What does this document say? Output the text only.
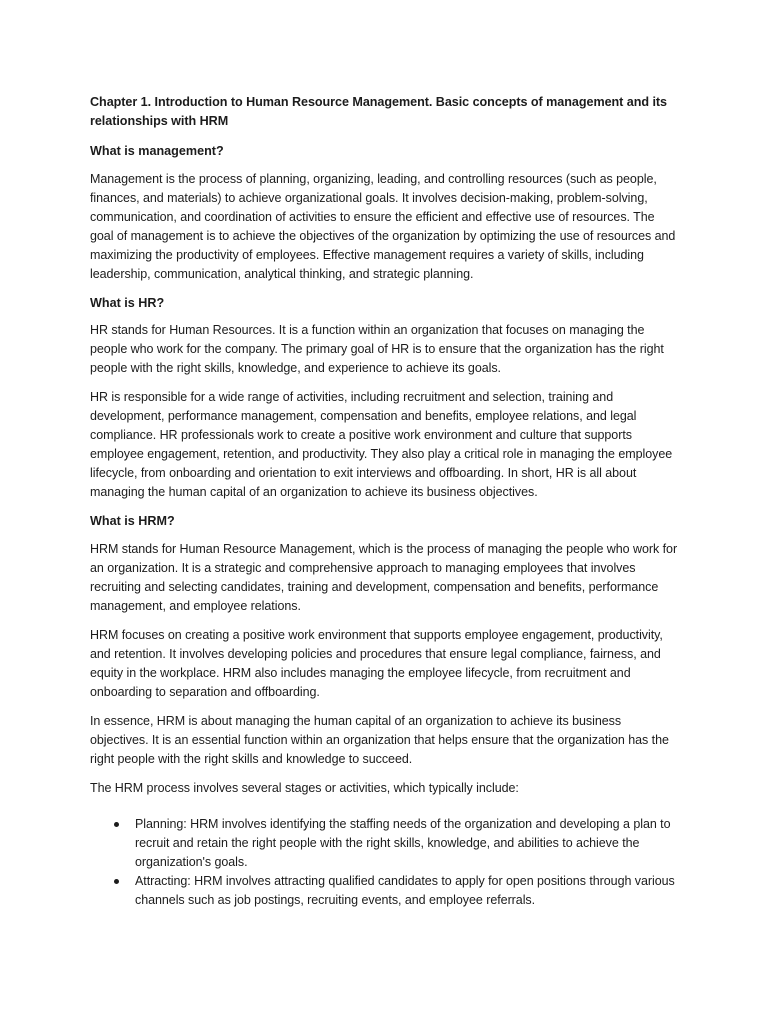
Chapter 1. Introduction to Human Resource Management. Basic concepts of management and its relationships with HRM

What is management?

Management is the process of planning, organizing, leading, and controlling resources (such as people, finances, and materials) to achieve organizational goals. It involves decision-making, problem-solving, communication, and coordination of activities to ensure the efficient and effective use of resources. The goal of management is to achieve the objectives of the organization by optimizing the use of resources and maximizing the productivity of employees. Effective management requires a variety of skills, including leadership, communication, analytical thinking, and strategic planning.

What is HR?

HR stands for Human Resources. It is a function within an organization that focuses on managing the people who work for the company. The primary goal of HR is to ensure that the organization has the right people with the right skills, knowledge, and experience to achieve its goals.

HR is responsible for a wide range of activities, including recruitment and selection, training and development, performance management, compensation and benefits, employee relations, and legal compliance. HR professionals work to create a positive work environment and culture that supports employee engagement, retention, and productivity. They also play a critical role in managing the employee lifecycle, from onboarding and orientation to exit interviews and offboarding. In short, HR is all about managing the human capital of an organization to achieve its business objectives.

What is HRM?

HRM stands for Human Resource Management, which is the process of managing the people who work for an organization. It is a strategic and comprehensive approach to managing employees that involves recruiting and selecting candidates, training and development, compensation and benefits, performance management, and employee relations.

HRM focuses on creating a positive work environment that supports employee engagement, productivity, and retention. It involves developing policies and procedures that ensure legal compliance, fairness, and equity in the workplace. HRM also includes managing the employee lifecycle, from recruitment and onboarding to separation and offboarding.

In essence, HRM is about managing the human capital of an organization to achieve its business objectives. It is an essential function within an organization that helps ensure that the organization has the right people with the right skills and knowledge to succeed.

The HRM process involves several stages or activities, which typically include:

Planning: HRM involves identifying the staffing needs of the organization and developing a plan to recruit and retain the right people with the right skills, knowledge, and abilities to achieve the organization's goals.
Attracting: HRM involves attracting qualified candidates to apply for open positions through various channels such as job postings, recruiting events, and employee referrals.
